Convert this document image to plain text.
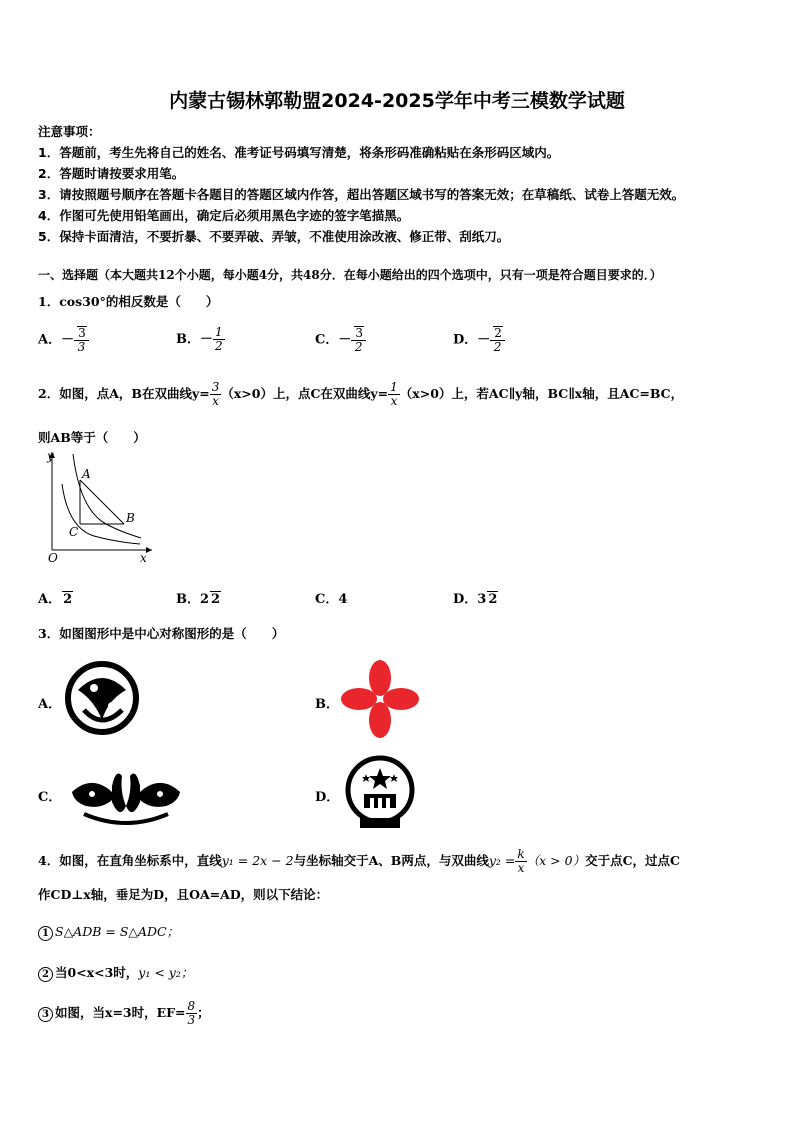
内蒙古锡林郭勒盟2024-2025学年中考三模数学试题
注意事项：
1．答题前，考生先将自己的姓名、准考证号码填写清楚，将条形码准确粘贴在条形码区域内。
2．答题时请按要求用笔。
3．请按照题号顺序在答题卡各题目的答题区域内作答，超出答题区域书写的答案无效；在草稿纸、试卷上答题无效。
4．作图可先使用铅笔画出，确定后必须用黑色字迹的签字笔描黑。
5．保持卡面清洁，不要折暴、不要弄破、弄皱，不准使用涂改液、修正带、刮纸刀。
一、选择题（本大题共12个小题，每小题4分，共48分．在每小题给出的四个选项中，只有一项是符合题目要求的．）
1．cos30°的相反数是（　　）
A．－ $\frac{3}{3}$	B．－ $\frac{1}{2}$	C．－ $\frac{3}{2}$	D．－ $\frac{2}{2}$
2．如图，点A，B在双曲线$y= \frac{3}{x} (x>0)$上，点C在双曲线$y= \frac{1}{x} (x>0)$上，若AC∥y轴，BC∥x轴，且AC=BC，
则AB等于（　　）
y
x
O
A
B
C
A． 2	B．2 2	C．4	D．3 2
3．如图图形中是中心对称图形的是（　　）
A．	B．
C．	D．
4．如图，在直角坐标系中，直线y₁ = 2x − 2与坐标轴交于A、B两点，与双曲线$y_2 = \frac{k}{x} (x > 0)$交于点C，过点C
作CD⊥x轴，垂足为D，且OA=AD，则以下结论：
1 S△ADB = S△ADC；
2 当0<x<3时，y₁ < y₂；
3 如图，当x=3时，$EF= \frac{8}{3}$ ；
